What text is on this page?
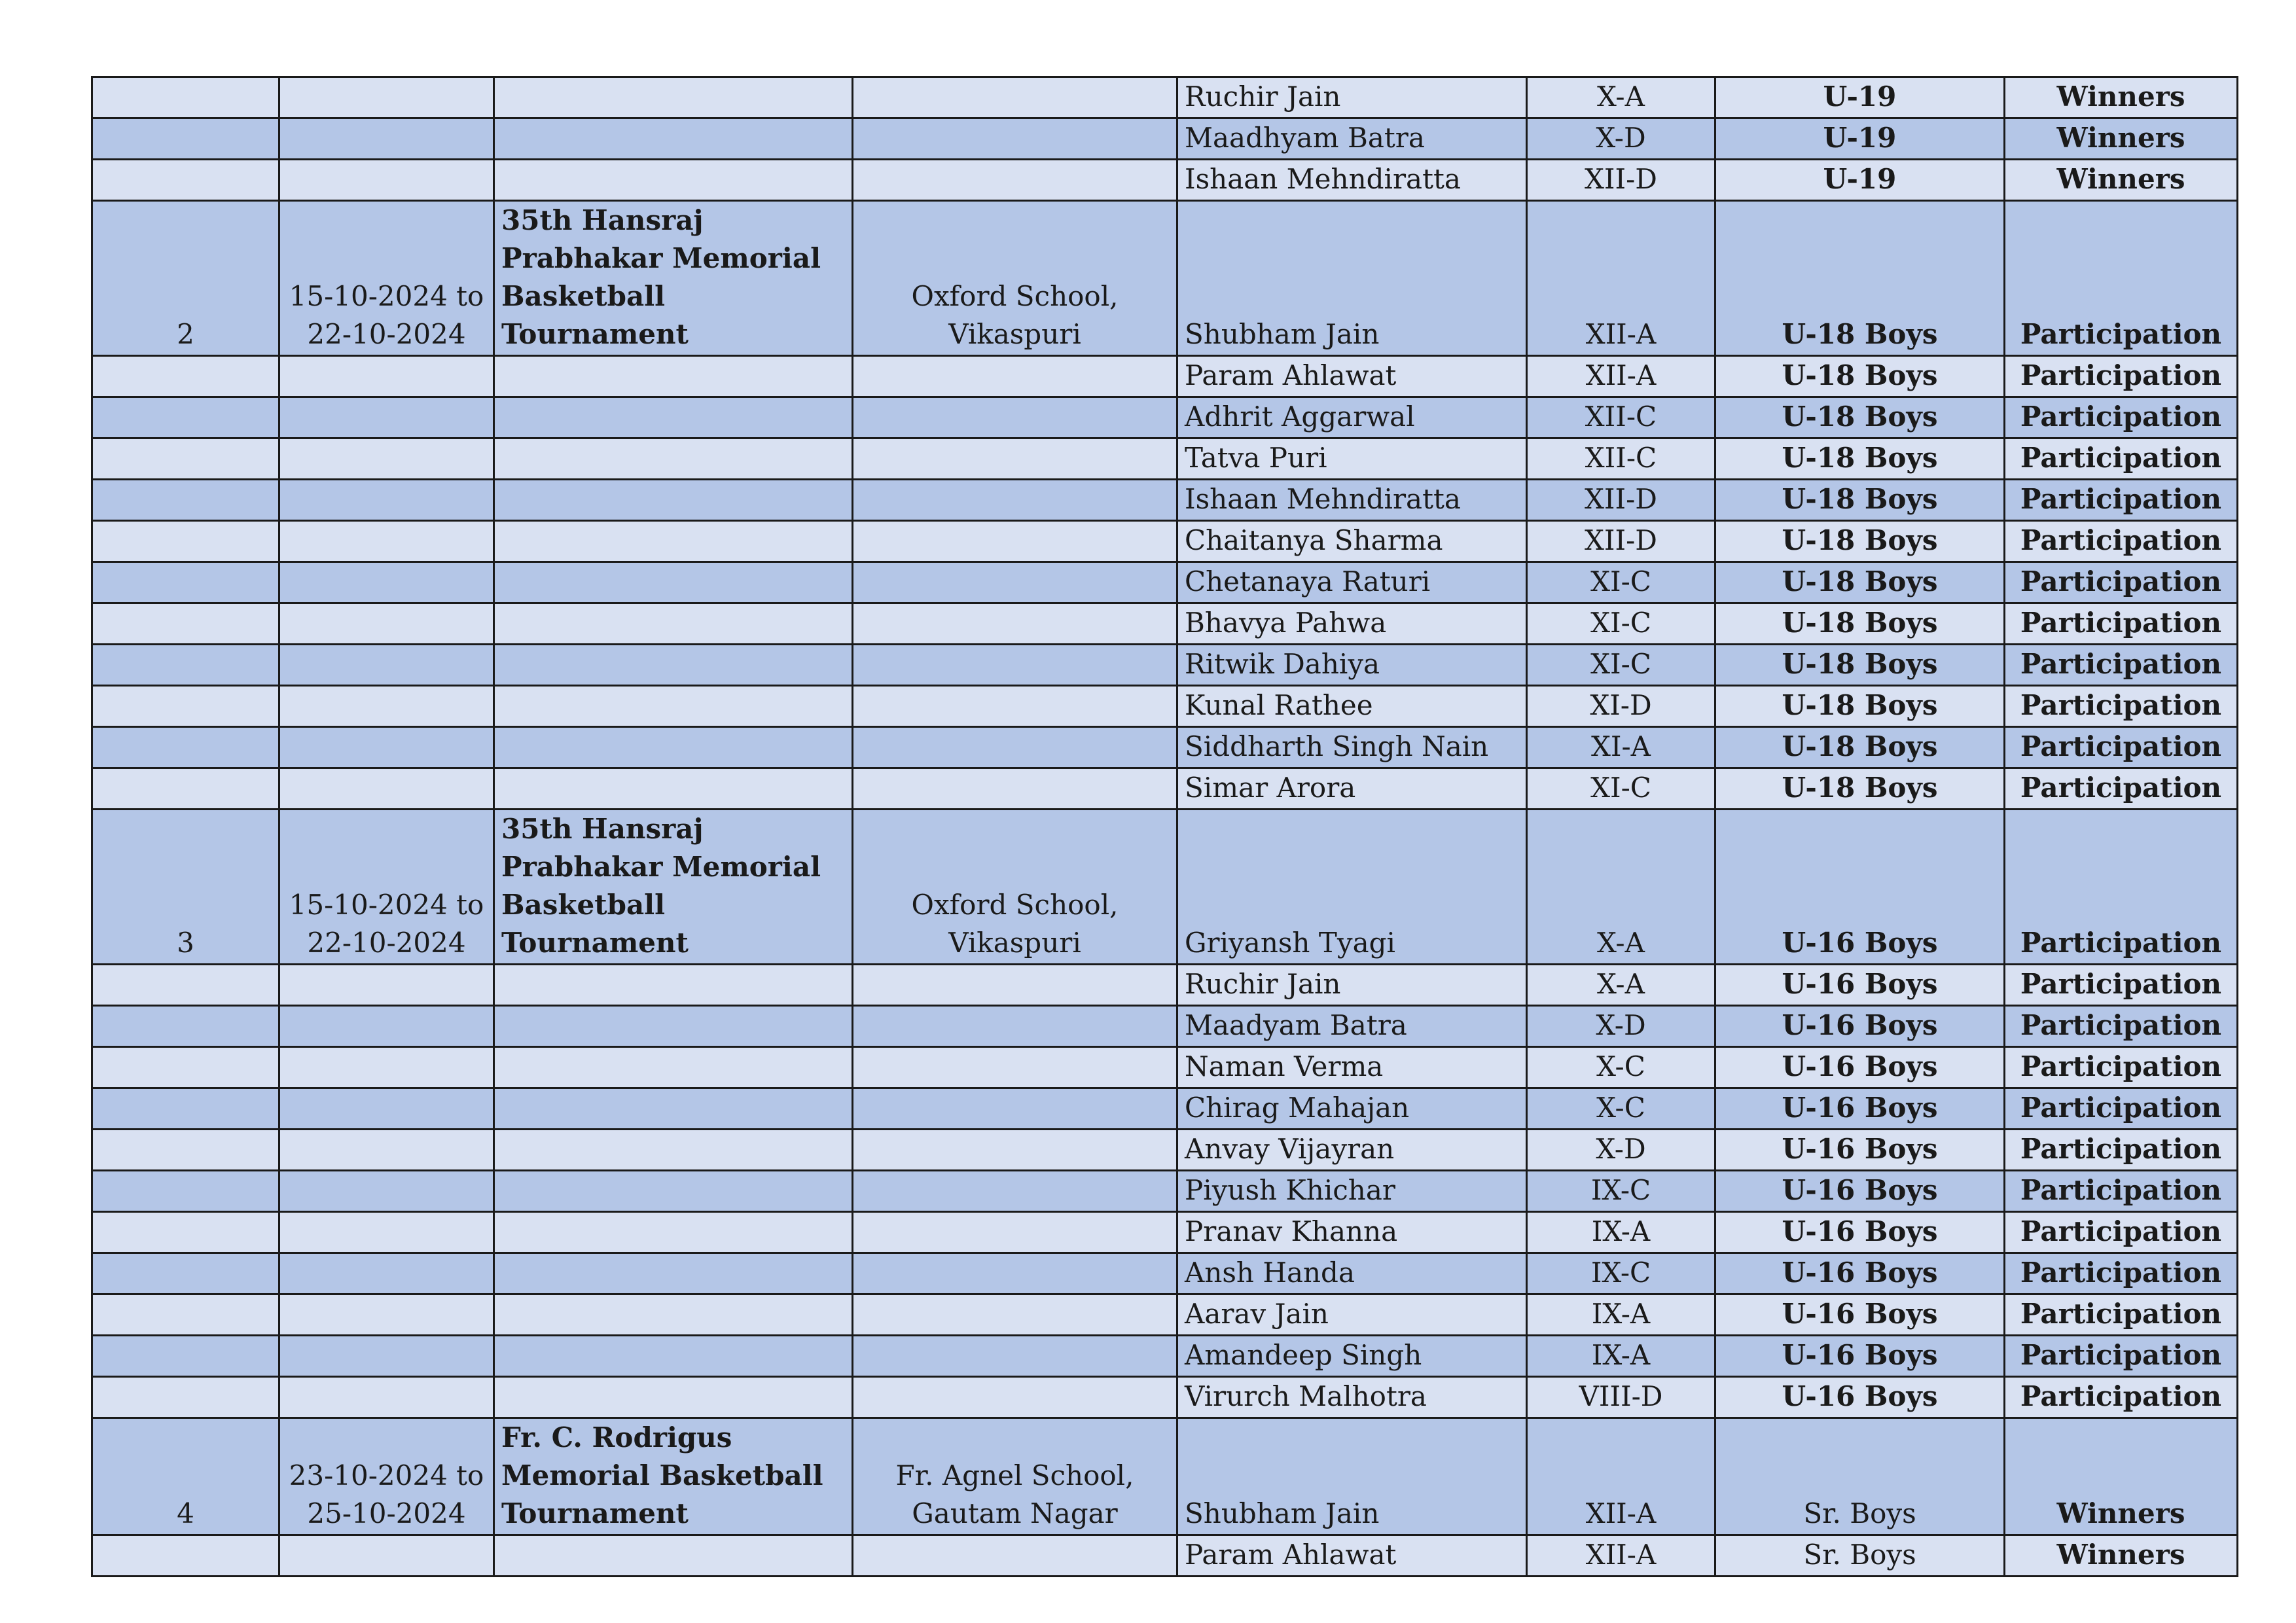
				Ruchir Jain	X-A	U-19	Winners
				Maadhyam Batra	X-D	U-19	Winners
				Ishaan Mehndiratta	XII-D	U-19	Winners
2	15-10-2024 to 22-10-2024	35th Hansraj Prabhakar Memorial Basketball Tournament	Oxford School, Vikaspuri	Shubham Jain	XII-A	U-18 Boys	Participation
				Param Ahlawat	XII-A	U-18 Boys	Participation
				Adhrit Aggarwal	XII-C	U-18 Boys	Participation
				Tatva Puri	XII-C	U-18 Boys	Participation
				Ishaan Mehndiratta	XII-D	U-18 Boys	Participation
				Chaitanya Sharma	XII-D	U-18 Boys	Participation
				Chetanaya Raturi	XI-C	U-18 Boys	Participation
				Bhavya Pahwa	XI-C	U-18 Boys	Participation
				Ritwik Dahiya	XI-C	U-18 Boys	Participation
				Kunal Rathee	XI-D	U-18 Boys	Participation
				Siddharth Singh Nain	XI-A	U-18 Boys	Participation
				Simar Arora	XI-C	U-18 Boys	Participation
3	15-10-2024 to 22-10-2024	35th Hansraj Prabhakar Memorial Basketball Tournament	Oxford School, Vikaspuri	Griyansh Tyagi	X-A	U-16 Boys	Participation
				Ruchir Jain	X-A	U-16 Boys	Participation
				Maadyam Batra	X-D	U-16 Boys	Participation
				Naman Verma	X-C	U-16 Boys	Participation
				Chirag Mahajan	X-C	U-16 Boys	Participation
				Anvay Vijayran	X-D	U-16 Boys	Participation
				Piyush Khichar	IX-C	U-16 Boys	Participation
				Pranav Khanna	IX-A	U-16 Boys	Participation
				Ansh Handa	IX-C	U-16 Boys	Participation
				Aarav Jain	IX-A	U-16 Boys	Participation
				Amandeep Singh	IX-A	U-16 Boys	Participation
				Virurch Malhotra	VIII-D	U-16 Boys	Participation
4	23-10-2024 to 25-10-2024	Fr. C. Rodrigus Memorial Basketball Tournament	Fr. Agnel School, Gautam Nagar	Shubham Jain	XII-A	Sr. Boys	Winners
				Param Ahlawat	XII-A	Sr. Boys	Winners
